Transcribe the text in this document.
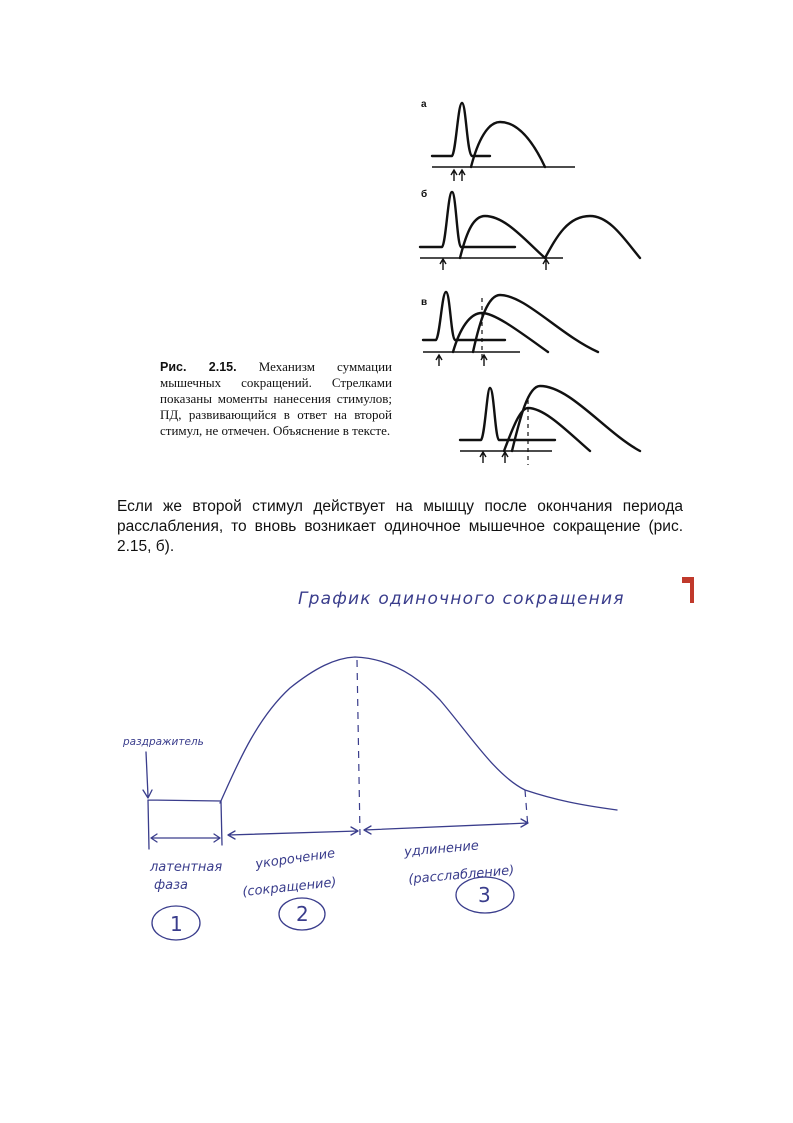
а
б
в
Рис. 2.15. Механизм суммации мышечных сокращений. Стрелками показаны моменты нанесения стимулов; ПД, развивающийся в ответ на второй стимул, не отмечен. Объяснение в тексте.
Если же второй стимул действует на мышцу после окончания периода расслабления, то вновь возникает одиночное мышечное сокращение (рис. 2.15, б).
График одиночного сокращения
раздражитель
латентная
фаза
1
укорочение
(сокращение)
2
удлинение
(расслабление)
3
